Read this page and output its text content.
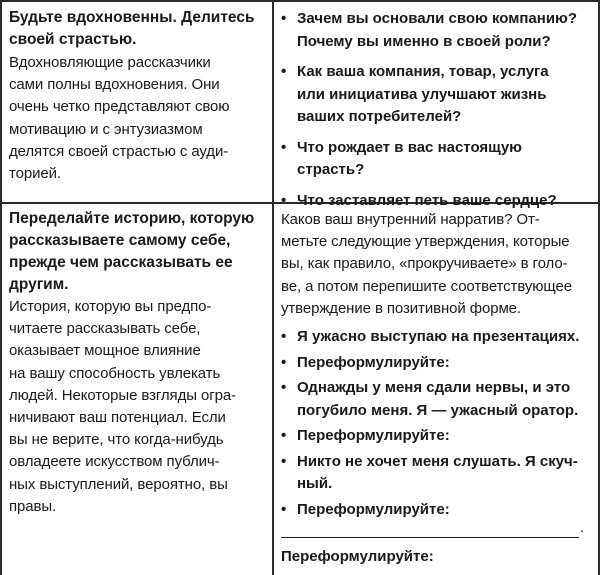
Будьте вдохновенны. Делитесь своей страстью.

Вдохновляющие рассказчики
сами полны вдохновения. Они
очень четко представляют свою
мотивацию и с энтузиазмом
делятся своей страстью с ауди-
торией.
• Зачем вы основали свою компанию?
Почему вы именно в своей роли?
• Как ваша компания, товар, услуга
или инициатива улучшают жизнь
ваших потребителей?
• Что рождает в вас настоящую
страсть?
• Что заставляет петь ваше сердце?
Переделайте историю, которую
рассказываете самому себе,
прежде чем рассказывать ее
другим.
История, которую вы предпо-
читаете рассказывать себе,
оказывает мощное влияние
на вашу способность увлекать
людей. Некоторые взгляды огра-
ничивают ваш потенциал. Если
вы не верите, что когда-нибудь
овладеете искусством публич-
ных выступлений, вероятно, вы
правы.
Каков ваш внутренний нарратив? От-
метьте следующие утверждения, которые
вы, как правило, «прокручиваете» в голо-
ве, а потом перепишите соответствующее
утверждение в позитивной форме.
• Я ужасно выступаю на презентациях.
• Переформулируйте:
• Однажды у меня сдали нервы, и это
погубило меня. Я — ужасный оратор.
• Переформулируйте:
• Никто не хочет меня слушать. Я скуч-
ный.
• Переформулируйте:
.
Переформулируйте:
